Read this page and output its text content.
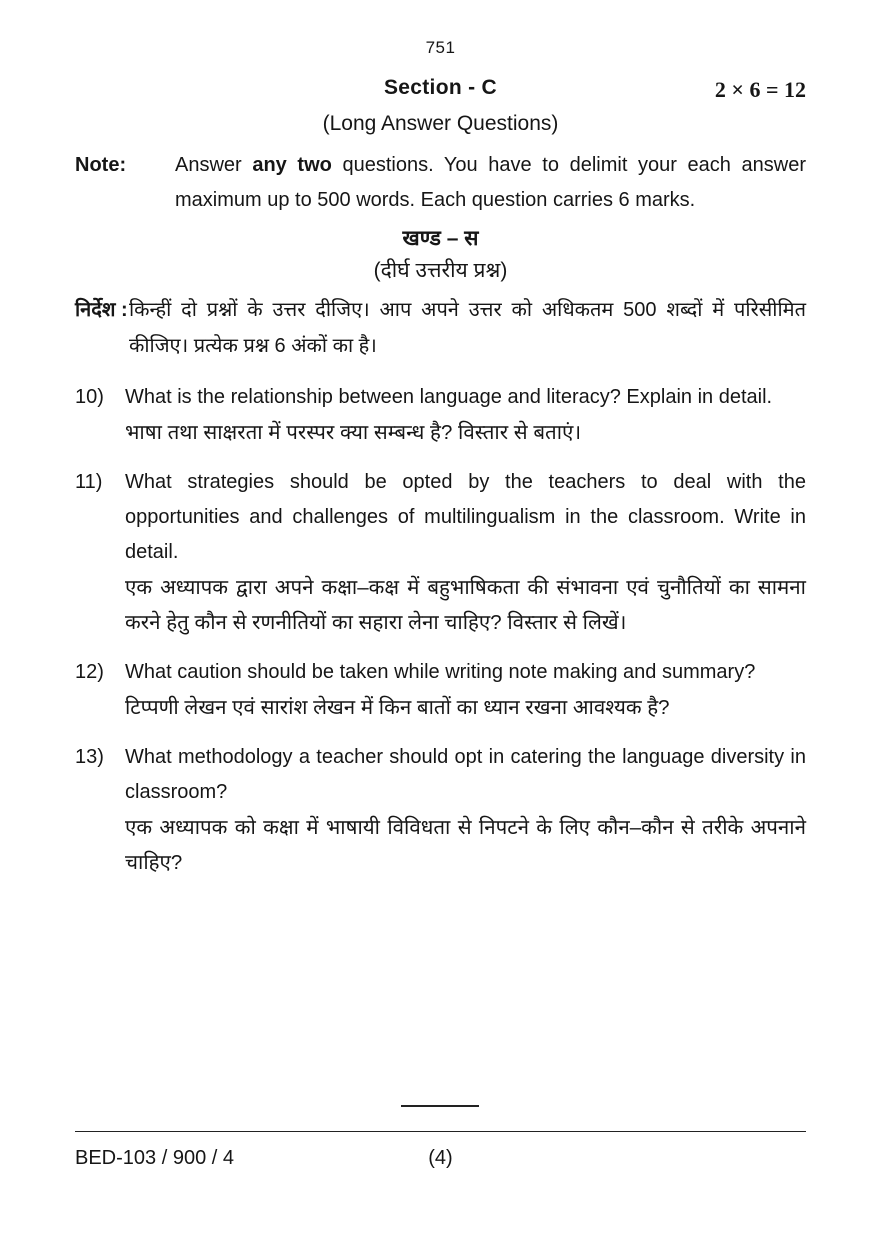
751
Section - C	2 × 6 = 12
(Long Answer Questions)
Note:	Answer any two questions. You have to delimit your each answer maximum up to 500 words. Each question carries 6 marks.
खण्ड – स
(दीर्घ उत्तरीय प्रश्न)
निर्देश : किन्हीं दो प्रश्नों के उत्तर दीजिए। आप अपने उत्तर को अधिकतम 500 शब्दों में परिसीमित कीजिए। प्रत्येक प्रश्न 6 अंकों का है।
10)	What is the relationship between language and literacy? Explain in detail.

भाषा तथा साक्षरता में परस्पर क्या सम्बन्ध है? विस्तार से बताएं।

11)	What strategies should be opted by the teachers to deal with the opportunities and challenges of multilingualism in the classroom. Write in detail.

एक अध्यापक द्वारा अपने कक्षा–कक्ष में बहुभाषिकता की संभावना एवं चुनौतियों का सामना करने हेतु कौन से रणनीतियों का सहारा लेना चाहिए? विस्तार से लिखें।

12)	What caution should be taken while writing note making and summary?

टिप्पणी लेखन एवं सारांश लेखन में किन बातों का ध्यान रखना आवश्यक है?

13)	What methodology a teacher should opt in catering the language diversity in classroom?

एक अध्यापक को कक्षा में भाषायी विविधता से निपटने के लिए कौन–कौन से तरीके अपनाने चाहिए?

BED-103 / 900 / 4	(4)
